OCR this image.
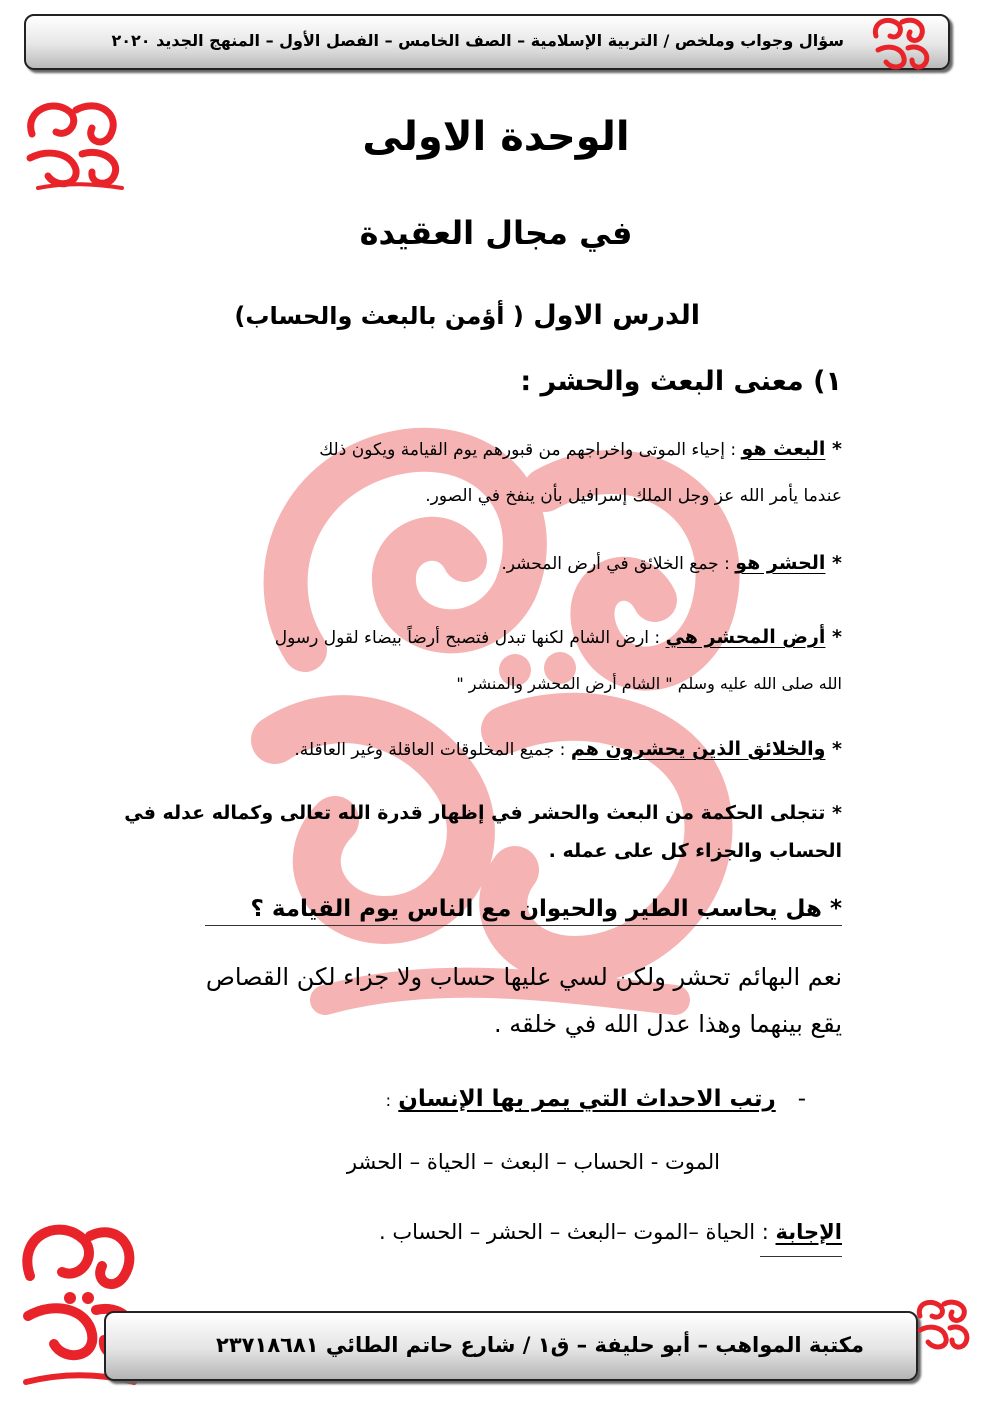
سؤال وجواب وملخص / التربية الإسلامية – الصف الخامس – الفصل الأول – المنهج الجديد ٢٠٢٠
الوحدة الاولى
في مجال العقيدة
الدرس الاول ( أؤمن بالبعث والحساب)
١) معنى البعث والحشر :
* البعث هو : إحياء الموتى واخراجهم من قبورهم يوم القيامة ويكون ذلك
عندما يأمر الله عز وجل الملك إسرافيل بأن ينفخ في الصور.
* الحشر هو : جمع الخلائق في أرض المحشر.
* أرض المحشر هي : ارض الشام لكنها تبدل فتصبح أرضاً بيضاء لقول رسول
الله صلى الله عليه وسلم " الشام أرض المحشر والمنشر "
* والخلائق الذين يحشرون هم : جميع المخلوقات العاقلة وغير العاقلة.
* تتجلى الحكمة من البعث والحشر في إظهار قدرة الله تعالى وكماله عدله في
الحساب والجزاء كل على عمله .
* هل يحاسب الطير والحيوان مع الناس يوم القيامة ؟
نعم البهائم تحشر ولكن لسي عليها حساب ولا جزاء لكن القصاص
يقع بينهما وهذا عدل الله في خلقه .
-   رتب الاحداث التي يمر بها الإنسان :
الموت - الحساب – البعث – الحياة – الحشر
الإجابة : الحياة –الموت –البعث – الحشر – الحساب .
مكتبة المواهب – أبو حليفة – ق١ / شارع حاتم الطائي ٢٣٧١٨٦٨١
